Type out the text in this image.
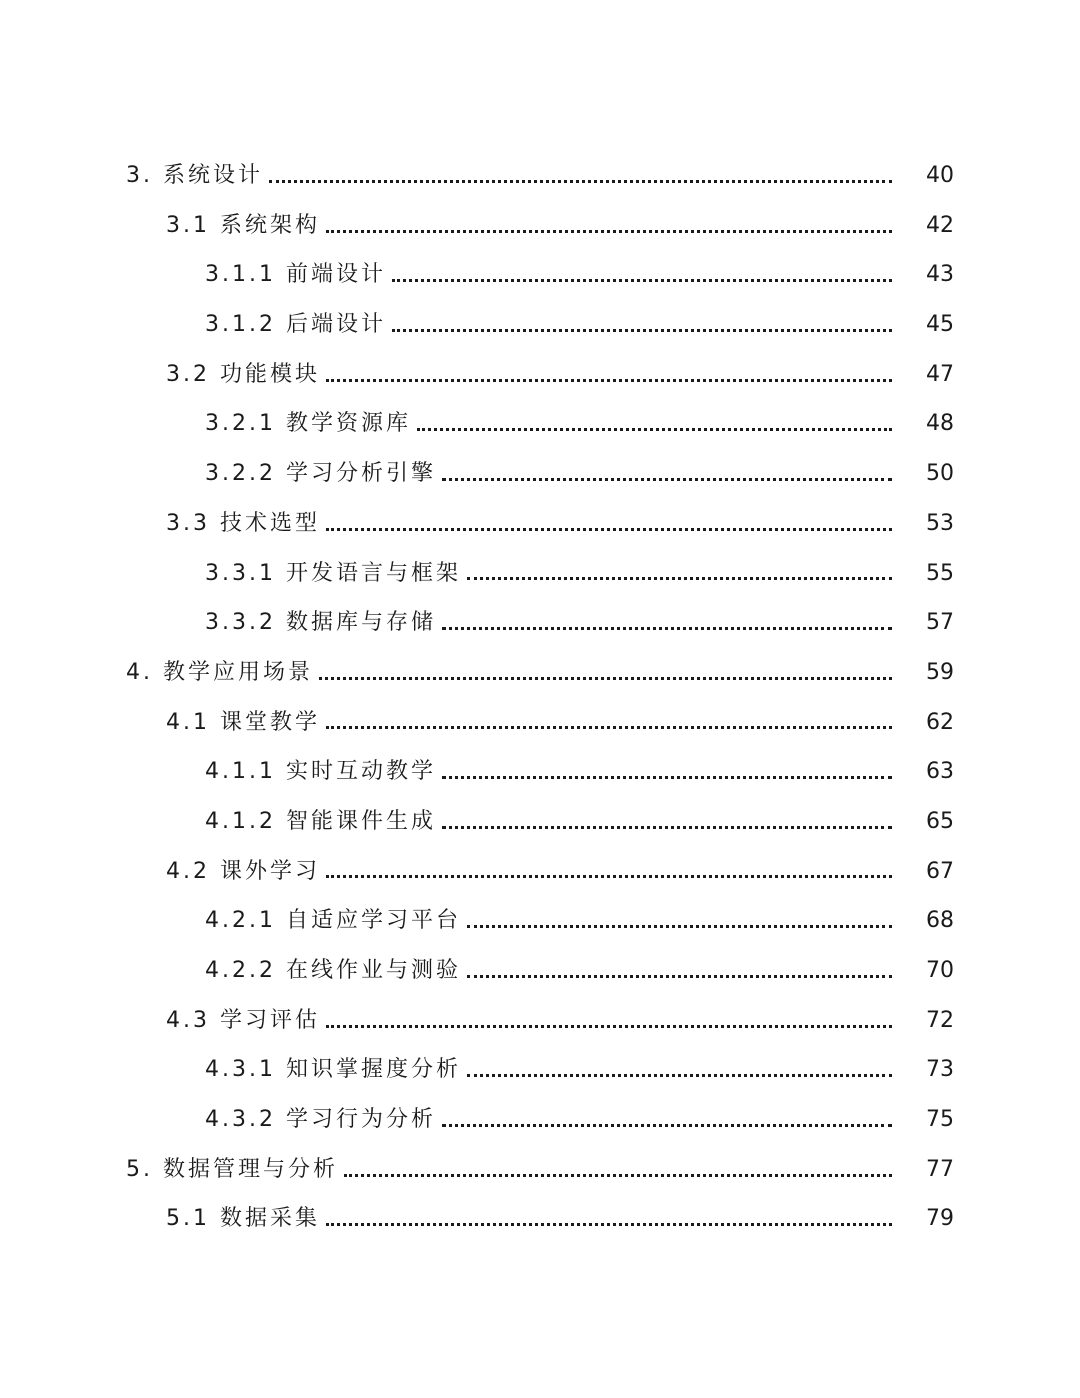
3. 系统设计	40
3.1 系统架构	42
3.1.1 前端设计	43
3.1.2 后端设计	45
3.2 功能模块	47
3.2.1 教学资源库	48
3.2.2 学习分析引擎	50
3.3 技术选型	53
3.3.1 开发语言与框架	55
3.3.2 数据库与存储	57
4. 教学应用场景	59
4.1 课堂教学	62
4.1.1 实时互动教学	63
4.1.2 智能课件生成	65
4.2 课外学习	67
4.2.1 自适应学习平台	68
4.2.2 在线作业与测验	70
4.3 学习评估	72
4.3.1 知识掌握度分析	73
4.3.2 学习行为分析	75
5. 数据管理与分析	77
5.1 数据采集	79
